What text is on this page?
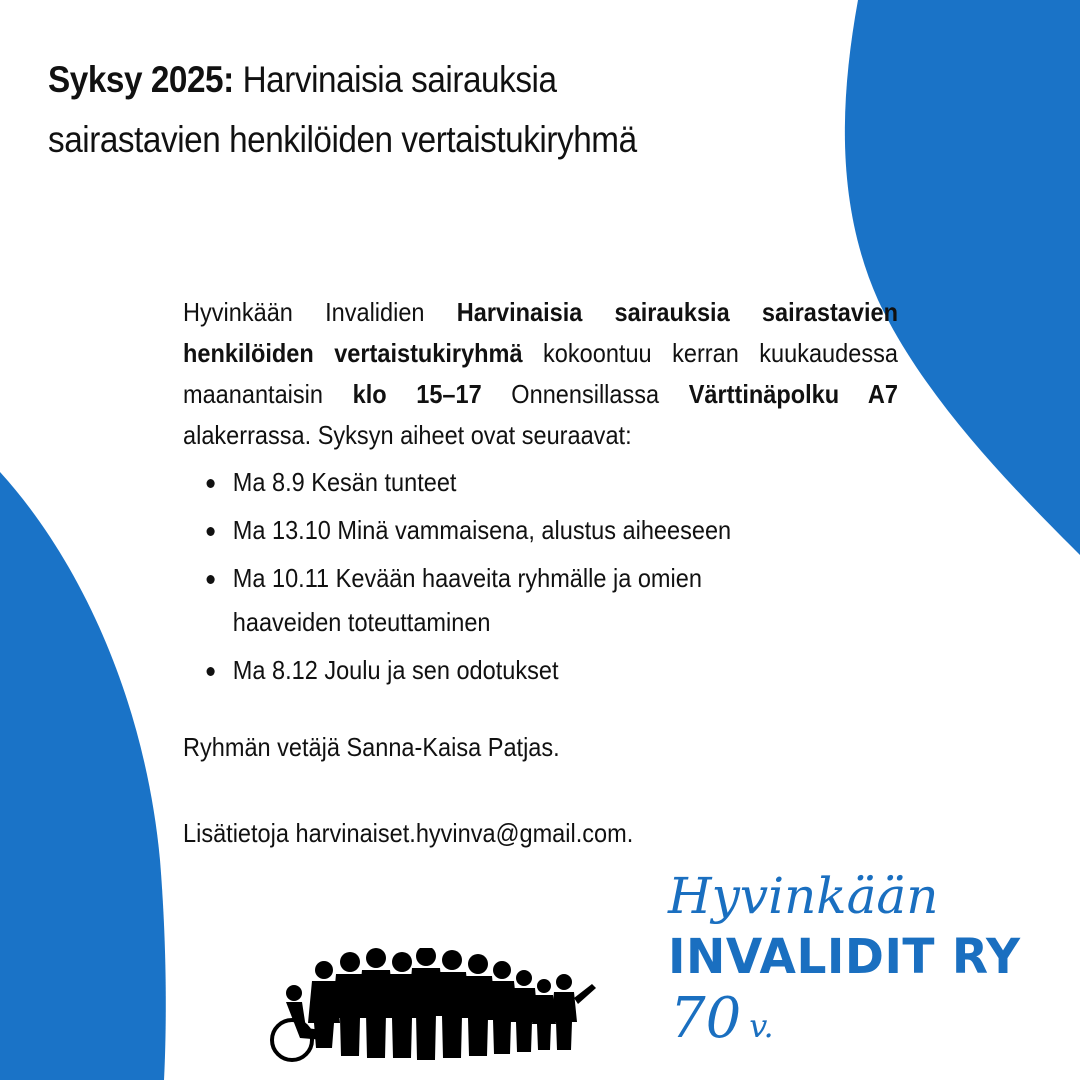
Syksy 2025: Harvinaisia sairauksia
sairastavien henkilöiden vertaistukiryhmä

Hyvinkään Invalidien Harvinaisia sairauksia sairastavien henkilöiden vertaistukiryhmä kokoontuu kerran kuukaudessa maanantaisin klo 15–17 Onnensillassa Värttinäpolku A7 alakerrassa. Syksyn aiheet ovat seuraavat:

Ma 8.9 Kesän tunteet
Ma 13.10 Minä vammaisena, alustus aiheeseen
Ma 10.11 Kevään haaveita ryhmälle ja omien haaveiden toteuttaminen
Ma 8.12 Joulu ja sen odotukset

Ryhmän vetäjä Sanna-Kaisa Patjas.

Lisätietoja harvinaiset.hyvinva@gmail.com.

Hyvinkään

INVALIDIT RY

70 v.
